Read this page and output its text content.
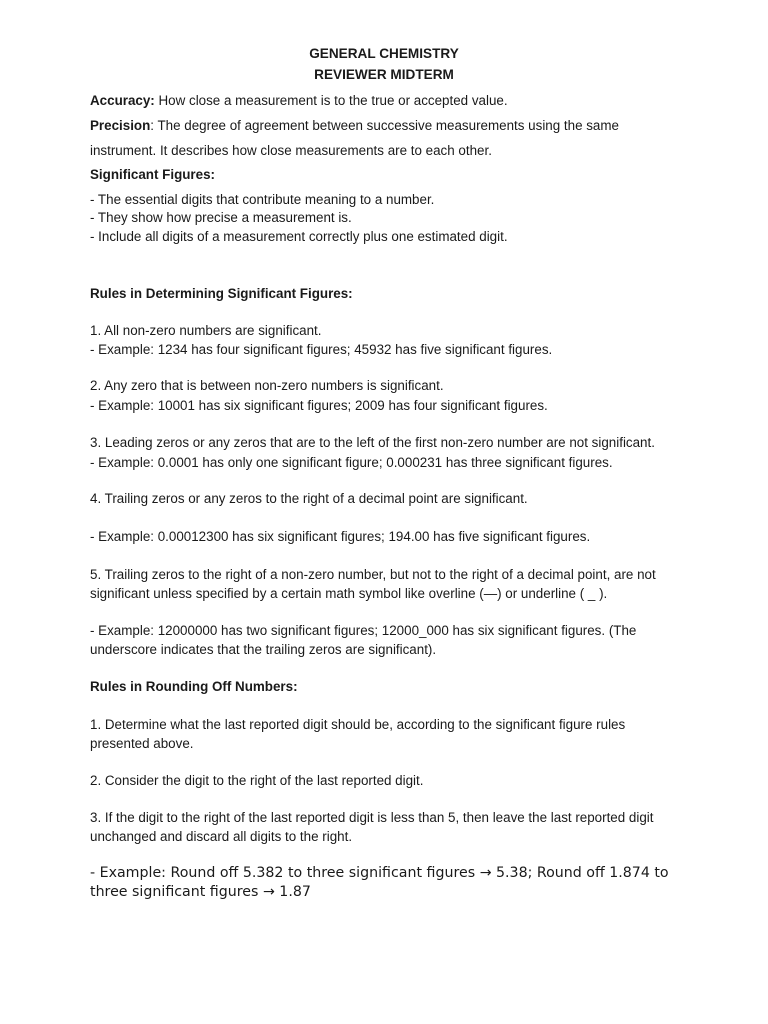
GENERAL CHEMISTRY
REVIEWER MIDTERM
Accuracy: How close a measurement is to the true or accepted value.
Precision: The degree of agreement between successive measurements using the same
instrument. It describes how close measurements are to each other.
Significant Figures:
- The essential digits that contribute meaning to a number.
- They show how precise a measurement is.
- Include all digits of a measurement correctly plus one estimated digit.
Rules in Determining Significant Figures:
1. All non-zero numbers are significant.
- Example: 1234 has four significant figures; 45932 has five significant figures.
2. Any zero that is between non-zero numbers is significant.
- Example: 10001 has six significant figures; 2009 has four significant figures.
3. Leading zeros or any zeros that are to the left of the first non-zero number are not significant.
- Example: 0.0001 has only one significant figure; 0.000231 has three significant figures.
4. Trailing zeros or any zeros to the right of a decimal point are significant.
- Example: 0.00012300 has six significant figures; 194.00 has five significant figures.
5. Trailing zeros to the right of a non-zero number, but not to the right of a decimal point, are not
significant unless specified by a certain math symbol like overline (—) or underline ( _ ).
- Example: 12000000 has two significant figures; 12000_000 has six significant figures. (The
underscore indicates that the trailing zeros are significant).
Rules in Rounding Off Numbers:
1. Determine what the last reported digit should be, according to the significant figure rules
presented above.
2. Consider the digit to the right of the last reported digit.
3. If the digit to the right of the last reported digit is less than 5, then leave the last reported digit
unchanged and discard all digits to the right.
- Example: Round off 5.382 to three significant figures → 5.38; Round off 1.874 to
three significant figures → 1.87
